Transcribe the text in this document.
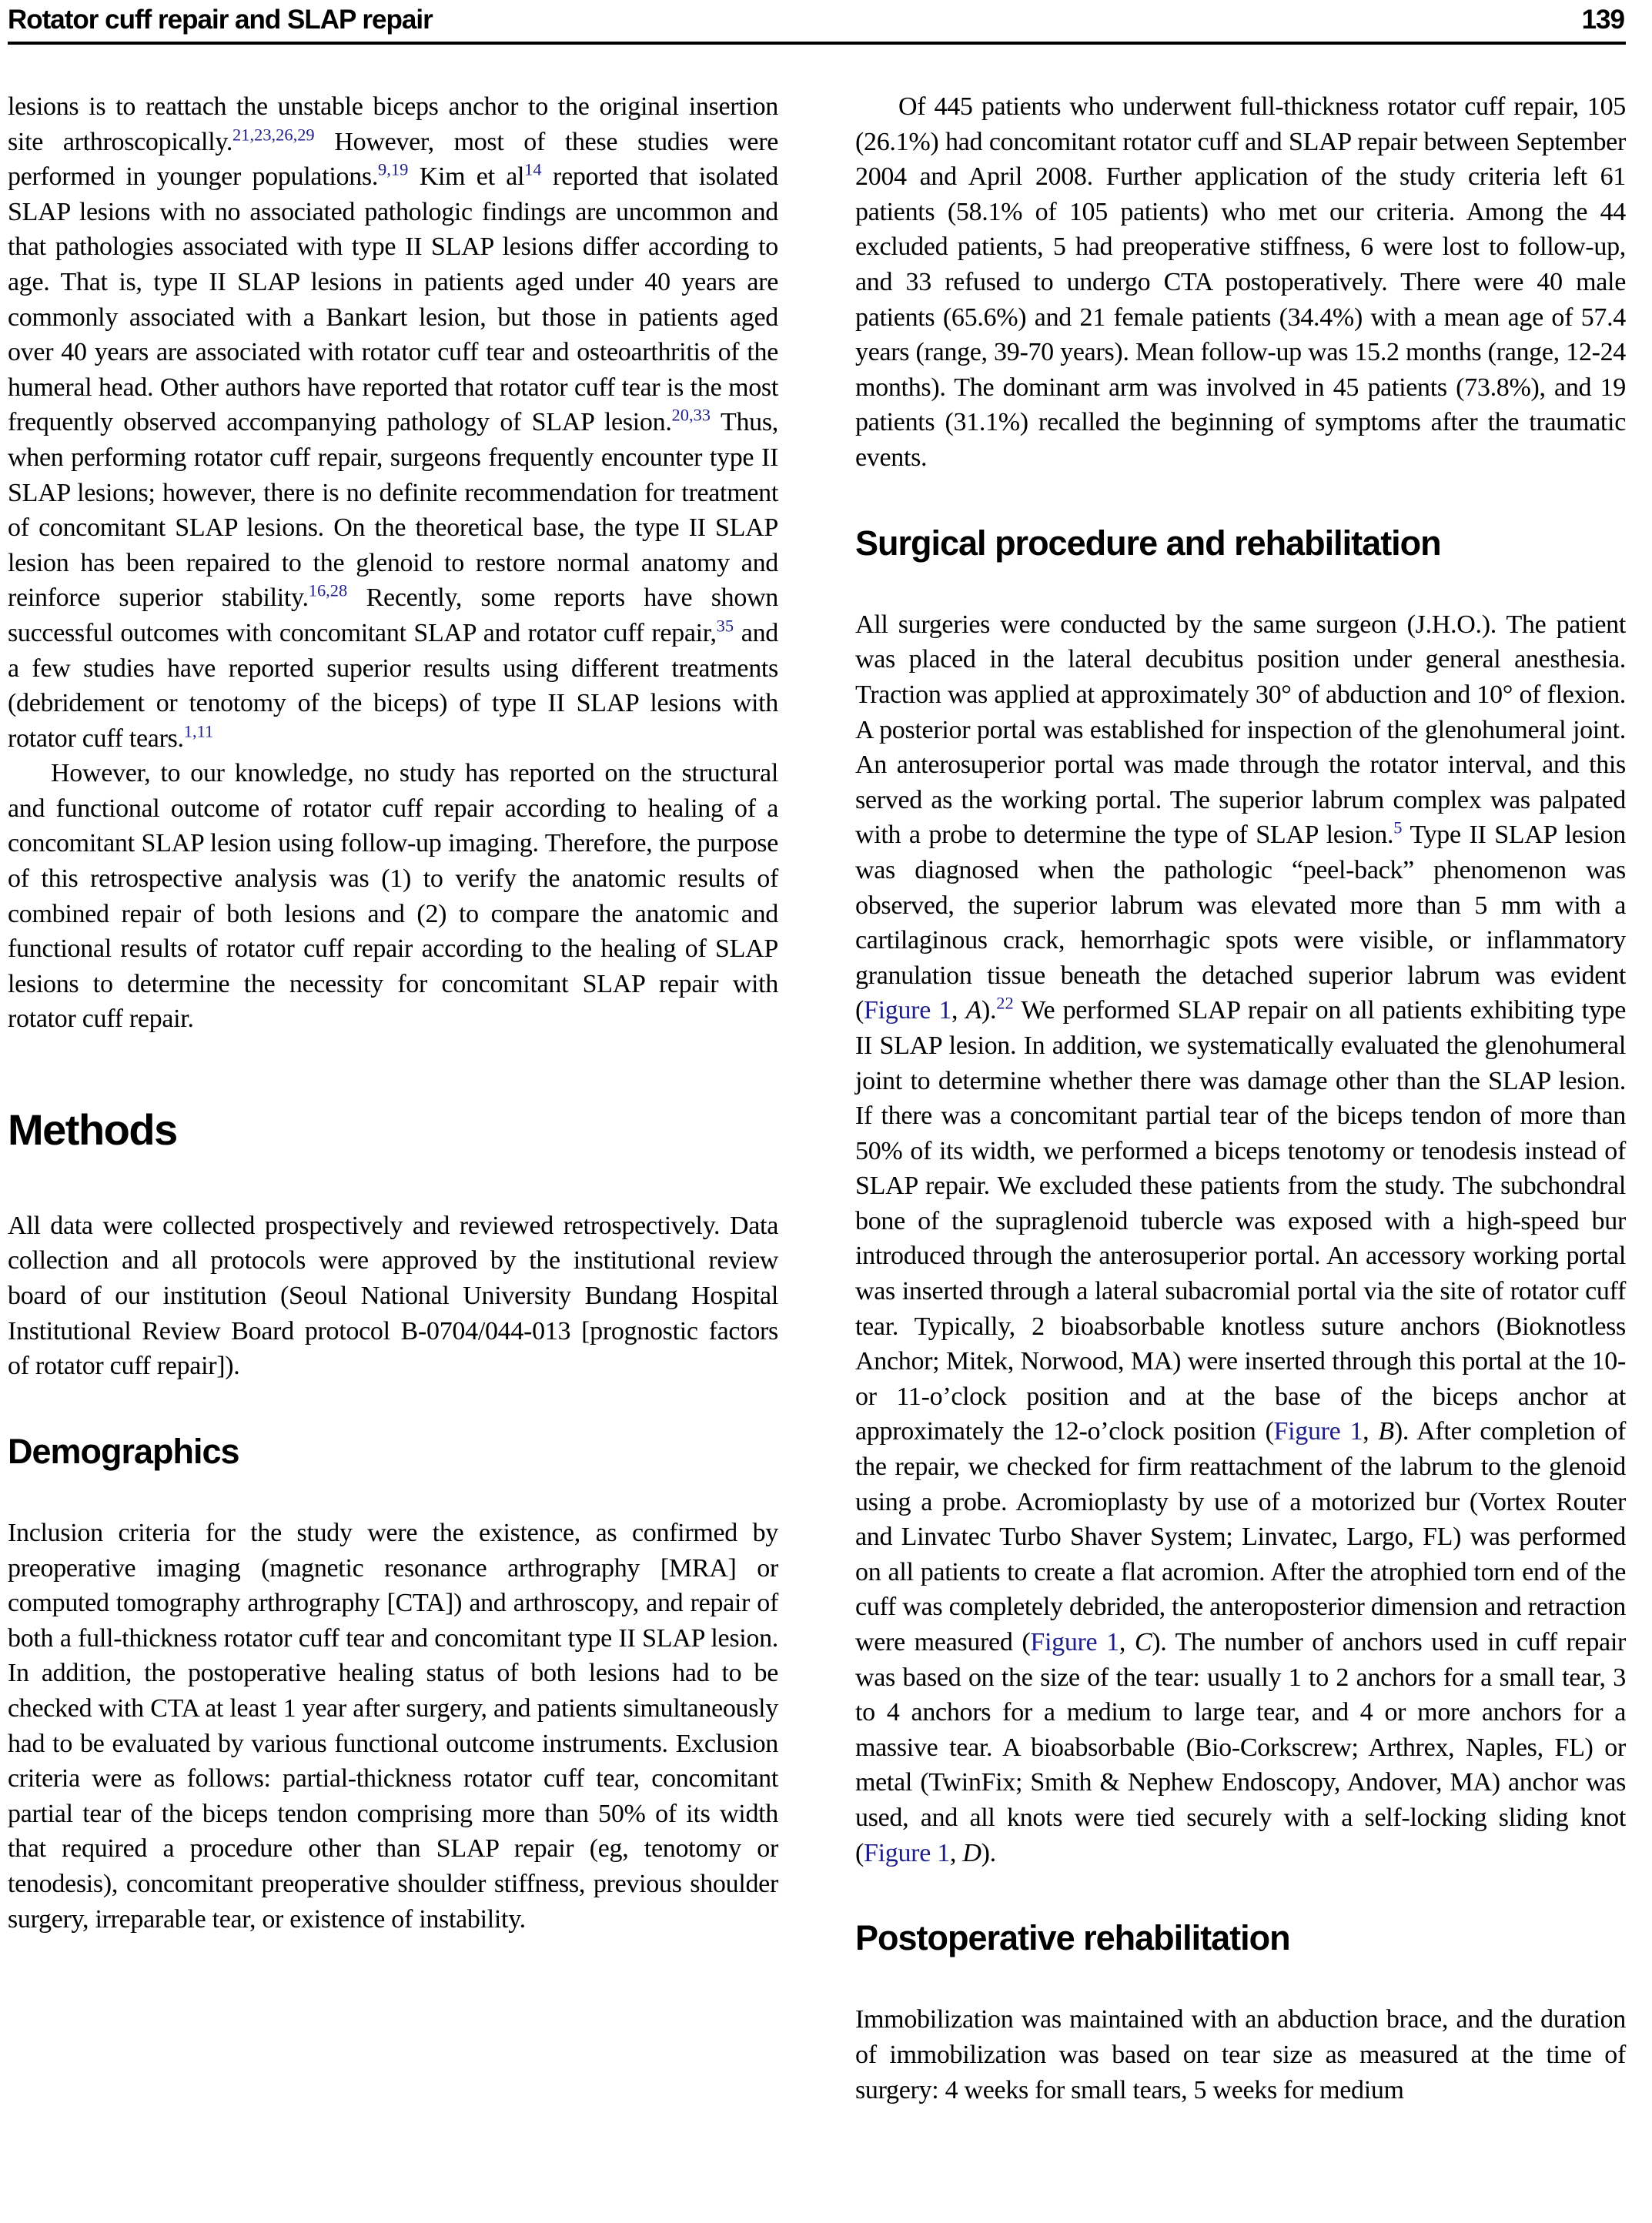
Rotator cuff repair and SLAP repair	139

lesions is to reattach the unstable biceps anchor to the original insertion site arthroscopically.$^{21,23,26,29}$ However, most of these studies were performed in younger populations.$^{9,19}$ Kim et al$^{14}$ reported that isolated SLAP lesions with no associated pathologic findings are uncommon and that pathologies associated with type II SLAP lesions differ according to age. That is, type II SLAP lesions in patients aged under 40 years are commonly associated with a Bankart lesion, but those in patients aged over 40 years are associated with rotator cuff tear and osteoarthritis of the humeral head. Other authors have reported that rotator cuff tear is the most frequently observed accompanying pathology of SLAP lesion.$^{20,33}$ Thus, when performing rotator cuff repair, surgeons frequently encounter type II SLAP lesions; however, there is no definite recommendation for treatment of concomitant SLAP lesions. On the theoretical base, the type II SLAP lesion has been repaired to the glenoid to restore normal anatomy and reinforce superior stability.$^{16,28}$ Recently, some reports have shown successful outcomes with concomitant SLAP and rotator cuff repair,$^{35}$ and a few studies have reported superior results using different treatments (debridement or tenotomy of the biceps) of type II SLAP lesions with rotator cuff tears.$^{1,11}$

However, to our knowledge, no study has reported on the structural and functional outcome of rotator cuff repair according to healing of a concomitant SLAP lesion using follow-up imaging. Therefore, the purpose of this retrospective analysis was (1) to verify the anatomic results of combined repair of both lesions and (2) to compare the anatomic and functional results of rotator cuff repair according to the healing of SLAP lesions to determine the necessity for concomitant SLAP repair with rotator cuff repair.

Methods

All data were collected prospectively and reviewed retrospectively. Data collection and all protocols were approved by the institutional review board of our institution (Seoul National University Bundang Hospital Institutional Review Board protocol B-0704/044-013 [prognostic factors of rotator cuff repair]).

Demographics

Inclusion criteria for the study were the existence, as confirmed by preoperative imaging (magnetic resonance arthrography [MRA] or computed tomography arthrography [CTA]) and arthroscopy, and repair of both a full-thickness rotator cuff tear and concomitant type II SLAP lesion. In addition, the postoperative healing status of both lesions had to be checked with CTA at least 1 year after surgery, and patients simultaneously had to be evaluated by various functional outcome instruments. Exclusion criteria were as follows: partial-thickness rotator cuff tear, concomitant partial tear of the biceps tendon comprising more than 50% of its width that required a procedure other than SLAP repair (eg, tenotomy or tenodesis), concomitant preoperative shoulder stiffness, previous shoulder surgery, irreparable tear, or existence of instability.

Of 445 patients who underwent full-thickness rotator cuff repair, 105 (26.1%) had concomitant rotator cuff and SLAP repair between September 2004 and April 2008. Further application of the study criteria left 61 patients (58.1% of 105 patients) who met our criteria. Among the 44 excluded patients, 5 had preoperative stiffness, 6 were lost to follow-up, and 33 refused to undergo CTA postoperatively. There were 40 male patients (65.6%) and 21 female patients (34.4%) with a mean age of 57.4 years (range, 39-70 years). Mean follow-up was 15.2 months (range, 12-24 months). The dominant arm was involved in 45 patients (73.8%), and 19 patients (31.1%) recalled the beginning of symptoms after the traumatic events.

Surgical procedure and rehabilitation

All surgeries were conducted by the same surgeon (J.H.O.). The patient was placed in the lateral decubitus position under general anesthesia. Traction was applied at approximately 30° of abduction and 10° of flexion. A posterior portal was established for inspection of the glenohumeral joint. An anterosuperior portal was made through the rotator interval, and this served as the working portal. The superior labrum complex was palpated with a probe to determine the type of SLAP lesion.$^5$ Type II SLAP lesion was diagnosed when the pathologic “peel-back” phenomenon was observed, the superior labrum was elevated more than 5 mm with a cartilaginous crack, hemorrhagic spots were visible, or inflammatory granulation tissue beneath the detached superior labrum was evident (Figure 1, A).$^{22}$ We performed SLAP repair on all patients exhibiting type II SLAP lesion. In addition, we systematically evaluated the glenohumeral joint to determine whether there was damage other than the SLAP lesion. If there was a concomitant partial tear of the biceps tendon of more than 50% of its width, we performed a biceps tenotomy or tenodesis instead of SLAP repair. We excluded these patients from the study. The subchondral bone of the supraglenoid tubercle was exposed with a high-speed bur introduced through the anterosuperior portal. An accessory working portal was inserted through a lateral subacromial portal via the site of rotator cuff tear. Typically, 2 bioabsorbable knotless suture anchors (Bioknotless Anchor; Mitek, Norwood, MA) were inserted through this portal at the 10- or 11-o’clock position and at the base of the biceps anchor at approximately the 12-o’clock position (Figure 1, B). After completion of the repair, we checked for firm reattachment of the labrum to the glenoid using a probe. Acromioplasty by use of a motorized bur (Vortex Router and Linvatec Turbo Shaver System; Linvatec, Largo, FL) was performed on all patients to create a flat acromion. After the atrophied torn end of the cuff was completely debrided, the anteroposterior dimension and retraction were measured (Figure 1, C). The number of anchors used in cuff repair was based on the size of the tear: usually 1 to 2 anchors for a small tear, 3 to 4 anchors for a medium to large tear, and 4 or more anchors for a massive tear. A bioabsorbable (Bio-Corkscrew; Arthrex, Naples, FL) or metal (TwinFix; Smith & Nephew Endoscopy, Andover, MA) anchor was used, and all knots were tied securely with a self-locking sliding knot (Figure 1, D).

Postoperative rehabilitation

Immobilization was maintained with an abduction brace, and the duration of immobilization was based on tear size as measured at the time of surgery: 4 weeks for small tears, 5 weeks for medium
